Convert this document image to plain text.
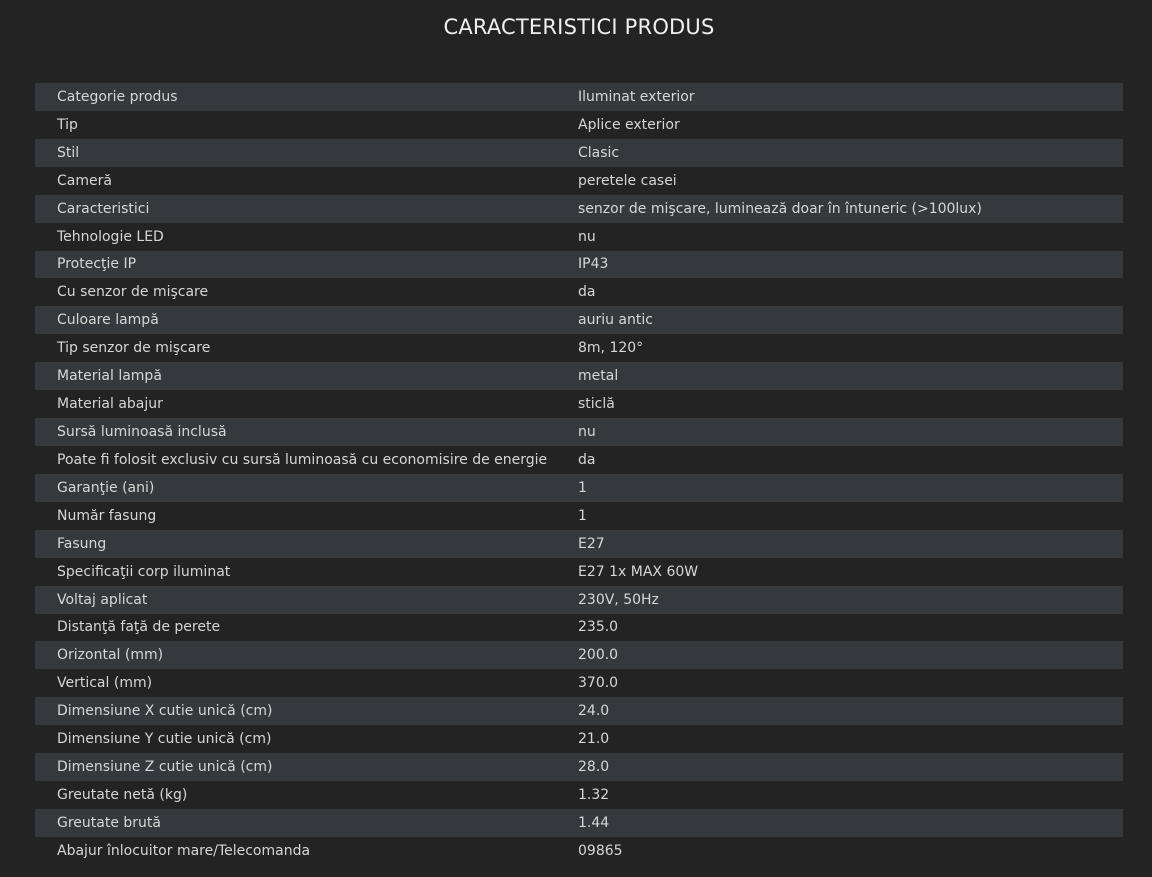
CARACTERISTICI PRODUS
Categorie produs	Iluminat exterior
Tip	Aplice exterior
Stil	Clasic
Cameră	peretele casei
Caracteristici	senzor de mişcare, luminează doar în întuneric (>100lux)
Tehnologie LED	nu
Protecţie IP	IP43
Cu senzor de mişcare	da
Culoare lampă	auriu antic
Tip senzor de mişcare	8m, 120°
Material lampă	metal
Material abajur	sticlă
Sursă luminoasă inclusă	nu
Poate fi folosit exclusiv cu sursă luminoasă cu economisire de energie	da
Garanţie (ani)	1
Număr fasung	1
Fasung	E27
Specificaţii corp iluminat	E27 1x MAX 60W
Voltaj aplicat	230V, 50Hz
Distanţă faţă de perete	235.0
Orizontal (mm)	200.0
Vertical (mm)	370.0
Dimensiune X cutie unică (cm)	24.0
Dimensiune Y cutie unică (cm)	21.0
Dimensiune Z cutie unică (cm)	28.0
Greutate netă (kg)	1.32
Greutate brută	1.44
Abajur înlocuitor mare/Telecomanda	09865
